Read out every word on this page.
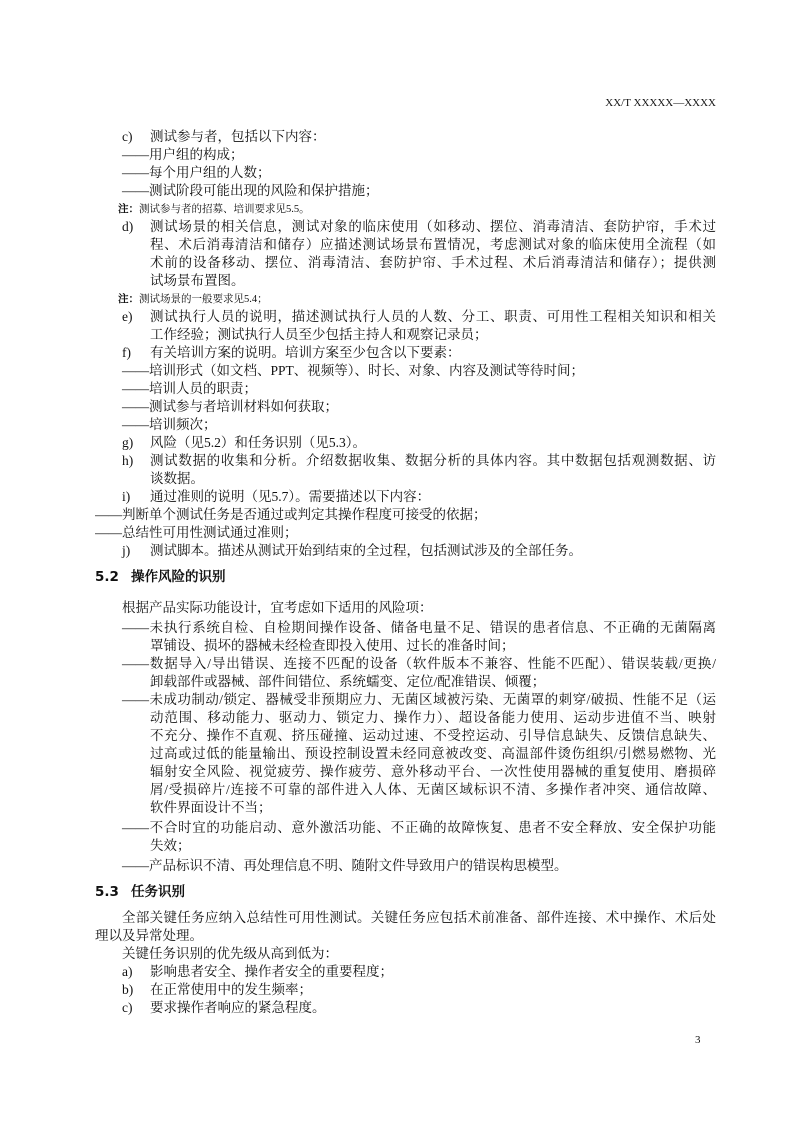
XX/T XXXXX—XXXX
c) 测试参与者，包括以下内容：
——用户组的构成；
——每个用户组的人数；
——测试阶段可能出现的风险和保护措施；
注：测试参与者的招募、培训要求见5.5。
d) 测试场景的相关信息，测试对象的临床使用（如移动、摆位、消毒清洁、套防护帘，手术过
程、术后消毒清洁和储存）应描述测试场景布置情况，考虑测试对象的临床使用全流程（如
术前的设备移动、摆位、消毒清洁、套防护帘、手术过程、术后消毒清洁和储存）；提供测
试场景布置图。
注：测试场景的一般要求见5.4；
e) 测试执行人员的说明，描述测试执行人员的人数、分工、职责、可用性工程相关知识和相关
工作经验；测试执行人员至少包括主持人和观察记录员；
f) 有关培训方案的说明。培训方案至少包含以下要素：
——培训形式（如文档、PPT、视频等）、时长、对象、内容及测试等待时间；
——培训人员的职责；
——测试参与者培训材料如何获取；
——培训频次；
g) 风险（见5.2）和任务识别（见5.3）。
h) 测试数据的收集和分析。介绍数据收集、数据分析的具体内容。其中数据包括观测数据、访
谈数据。
i) 通过准则的说明（见5.7）。需要描述以下内容：
——判断单个测试任务是否通过或判定其操作程度可接受的依据；
——总结性可用性测试通过准则；
j) 测试脚本。描述从测试开始到结束的全过程，包括测试涉及的全部任务。
5.2 操作风险的识别
根据产品实际功能设计，宜考虑如下适用的风险项：
——未执行系统自检、自检期间操作设备、储备电量不足、错误的患者信息、不正确的无菌隔离
罩铺设、损坏的器械未经检查即投入使用、过长的准备时间；
——数据导入/导出错误、连接不匹配的设备（软件版本不兼容、性能不匹配）、错误装载/更换/
卸载部件或器械、部件间错位、系统蠕变、定位/配准错误、倾覆；
——未成功制动/锁定、器械受非预期应力、无菌区域被污染、无菌罩的刺穿/破损、性能不足（运
动范围、移动能力、驱动力、锁定力、操作力）、超设备能力使用、运动步进值不当、映射
不充分、操作不直观、挤压碰撞、运动过速、不受控运动、引导信息缺失、反馈信息缺失、
过高或过低的能量输出、预设控制设置未经同意被改变、高温部件烫伤组织/引燃易燃物、光
辐射安全风险、视觉疲劳、操作疲劳、意外移动平台、一次性使用器械的重复使用、磨损碎
屑/受损碎片/连接不可靠的部件进入人体、无菌区域标识不清、多操作者冲突、通信故障、
软件界面设计不当；
——不合时宜的功能启动、意外激活功能、不正确的故障恢复、患者不安全释放、安全保护功能
失效；
——产品标识不清、再处理信息不明、随附文件导致用户的错误构思模型。
5.3 任务识别
全部关键任务应纳入总结性可用性测试。关键任务应包括术前准备、部件连接、术中操作、术后处
理以及异常处理。
关键任务识别的优先级从高到低为：
a) 影响患者安全、操作者安全的重要程度；
b) 在正常使用中的发生频率；
c) 要求操作者响应的紧急程度。
3
